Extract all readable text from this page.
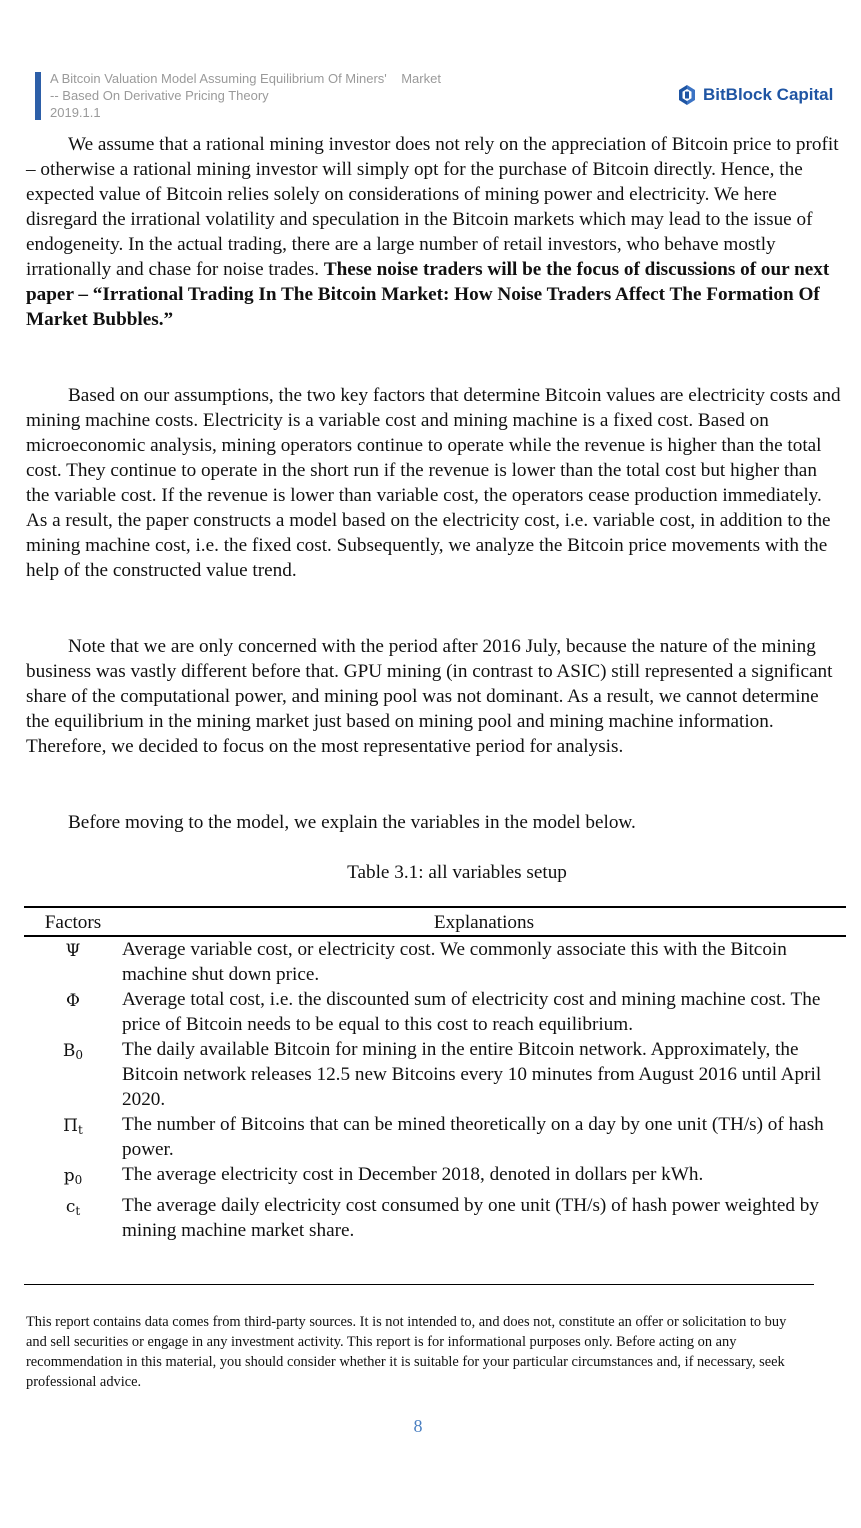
A Bitcoin Valuation Model Assuming Equilibrium Of Miners'    Market
-- Based On Derivative Pricing Theory
2019.1.1
BitBlock Capital

We assume that a rational mining investor does not rely on the appreciation of Bitcoin price to profit – otherwise a rational mining investor will simply opt for the purchase of Bitcoin directly. Hence, the expected value of Bitcoin relies solely on considerations of mining power and electricity. We here disregard the irrational volatility and speculation in the Bitcoin markets which may lead to the issue of endogeneity. In the actual trading, there are a large number of retail investors, who behave mostly irrationally and chase for noise trades. These noise traders will be the focus of discussions of our next paper – “Irrational Trading In The Bitcoin Market: How Noise Traders Affect The Formation Of Market Bubbles.”

Based on our assumptions, the two key factors that determine Bitcoin values are electricity costs and mining machine costs. Electricity is a variable cost and mining machine is a fixed cost. Based on microeconomic analysis, mining operators continue to operate while the revenue is higher than the total cost. They continue to operate in the short run if the revenue is lower than the total cost but higher than the variable cost. If the revenue is lower than variable cost, the operators cease production immediately. As a result, the paper constructs a model based on the electricity cost, i.e. variable cost, in addition to the mining machine cost, i.e. the fixed cost. Subsequently, we analyze the Bitcoin price movements with the help of the constructed value trend.

Note that we are only concerned with the period after 2016 July, because the nature of the mining business was vastly different before that. GPU mining (in contrast to ASIC) still represented a significant share of the computational power, and mining pool was not dominant. As a result, we cannot determine the equilibrium in the mining market just based on mining pool and mining machine information. Therefore, we decided to focus on the most representative period for analysis.

Before moving to the model, we explain the variables in the model below.

Table 3.1: all variables setup
Factors	Explanations
Ψ	Average variable cost, or electricity cost. We commonly associate this with the Bitcoin machine shut down price.
Φ	Average total cost, i.e. the discounted sum of electricity cost and mining machine cost. The price of Bitcoin needs to be equal to this cost to reach equilibrium.
$B_0$	The daily available Bitcoin for mining in the entire Bitcoin network. Approximately, the Bitcoin network releases 12.5 new Bitcoins every 10 minutes from August 2016 until April 2020.
$\Pi_t$	The number of Bitcoins that can be mined theoretically on a day by one unit (TH/s) of hash power.
$p_0$	The average electricity cost in December 2018, denoted in dollars per kWh.
$c_t$	The average daily electricity cost consumed by one unit (TH/s) of hash power weighted by mining machine market share.
This report contains data comes from third-party sources. It is not intended to, and does not, constitute an offer or solicitation to buy and sell securities or engage in any investment activity. This report is for informational purposes only. Before acting on any recommendation in this material, you should consider whether it is suitable for your particular circumstances and, if necessary, seek professional advice.
8
